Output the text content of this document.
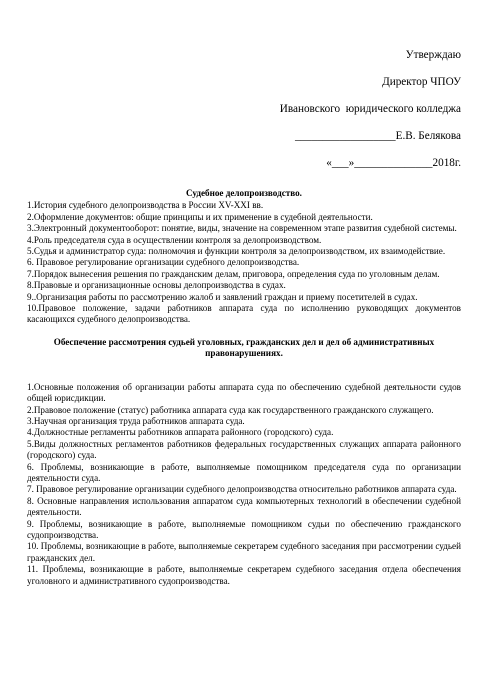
Утверждаю
Директор ЧПОУ
Ивановского  юридического колледжа
__________________Е.В. Белякова
«___»______________2018г.
Судебное делопроизводство.
1.История судебного делопроизводства в России XV-XXI вв.
2.Оформление документов: общие принципы и их применение в судебной деятельности.
3.Электронный документооборот: понятие, виды, значение на современном этапе развития судебной системы.
4.Роль председателя суда в осуществлении контроля за делопроизводством.
5.Судья и администратор суда: полномочия и функции контроля за делопроизводством, их взаимодействие.
6. Правовое регулирование организации судебного делопроизводства.
7.Порядок вынесения решения по гражданским делам, приговора, определения суда по уголовным делам.
8.Правовые и организационные основы делопроизводства в судах.
9..Организация работы по рассмотрению жалоб и заявлений граждан и приему посетителей в судах.
10.Правовое положение, задачи работников аппарата суда по исполнению руководящих документов касающихся судебного делопроизводства.
Обеспечение рассмотрения судьей уголовных, гражданских дел и дел об административных правонарушениях.
1.Основные положения об организации работы аппарата суда по обеспечению судебной деятельности судов общей юрисдикции.
2.Правовое положение (статус) работника аппарата суда как государственного гражданского служащего.
3.Научная организация труда работников аппарата суда.
4.Должностные регламенты работников аппарата районного (городского) суда.
5.Виды должностных регламентов работников федеральных государственных служащих аппарата районного (городского) суда.
6. Проблемы, возникающие в работе, выполняемые помощником председателя суда по организации деятельности суда.
7. Правовое регулирование организации судебного делопроизводства относительно работников аппарата суда.
8. Основные направления использования аппаратом суда компьютерных технологий в обеспечении судебной деятельности.
9. Проблемы, возникающие в работе, выполняемые помощником судьи по обеспечению гражданского судопроизводства.
10. Проблемы, возникающие в работе, выполняемые секретарем судебного заседания при рассмотрении судьей гражданских дел.
11. Проблемы, возникающие в работе, выполняемые секретарем судебного заседания отдела обеспечения уголовного и административного судопроизводства.
